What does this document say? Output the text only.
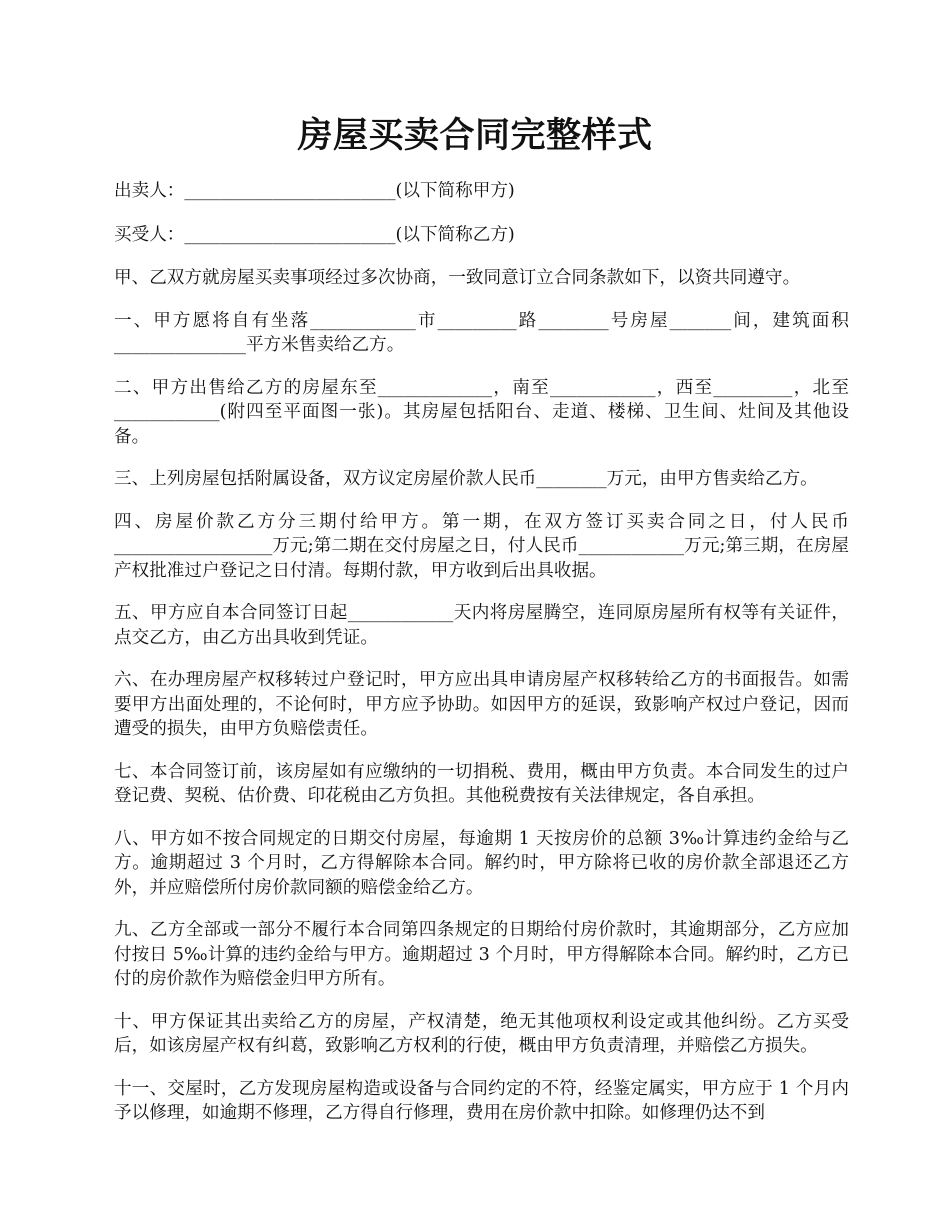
房屋买卖合同完整样式

出卖人：________________________(以下简称甲方)

买受人：________________________(以下简称乙方)

甲、乙双方就房屋买卖事项经过多次协商，一致同意订立合同条款如下，以资共同遵守。

一、甲方愿将自有坐落____________市_________路________号房屋_______间，建筑面积_______________平方米售卖给乙方。

二、甲方出售给乙方的房屋东至_____________，南至____________，西至_________，北至____________(附四至平面图一张)。其房屋包括阳台、走道、楼梯、卫生间、灶间及其他设备。

三、上列房屋包括附属设备，双方议定房屋价款人民币________万元，由甲方售卖给乙方。

四、房屋价款乙方分三期付给甲方。第一期，在双方签订买卖合同之日，付人民币__________________万元;第二期在交付房屋之日，付人民币____________万元;第三期，在房屋产权批准过户登记之日付清。每期付款，甲方收到后出具收据。

五、甲方应自本合同签订日起____________天内将房屋腾空，连同原房屋所有权等有关证件，点交乙方，由乙方出具收到凭证。

六、在办理房屋产权移转过户登记时，甲方应出具申请房屋产权移转给乙方的书面报告。如需要甲方出面处理的，不论何时，甲方应予协助。如因甲方的延误，致影响产权过户登记，因而遭受的损失，由甲方负赔偿责任。

七、本合同签订前，该房屋如有应缴纳的一切捐税、费用，概由甲方负责。本合同发生的过户登记费、契税、估价费、印花税由乙方负担。其他税费按有关法律规定，各自承担。

八、甲方如不按合同规定的日期交付房屋，每逾期 1 天按房价的总额 3‰计算违约金给与乙方。逾期超过 3 个月时，乙方得解除本合同。解约时，甲方除将已收的房价款全部退还乙方外，并应赔偿所付房价款同额的赔偿金给乙方。

九、乙方全部或一部分不履行本合同第四条规定的日期给付房价款时，其逾期部分，乙方应加付按日 5‰计算的违约金给与甲方。逾期超过 3 个月时，甲方得解除本合同。解约时，乙方已付的房价款作为赔偿金归甲方所有。

十、甲方保证其出卖给乙方的房屋，产权清楚，绝无其他项权利设定或其他纠纷。乙方买受后，如该房屋产权有纠葛，致影响乙方权利的行使，概由甲方负责清理，并赔偿乙方损失。

十一、交屋时，乙方发现房屋构造或设备与合同约定的不符，经鉴定属实，甲方应于 1 个月内予以修理，如逾期不修理，乙方得自行修理，费用在房价款中扣除。如修理仍达不到
